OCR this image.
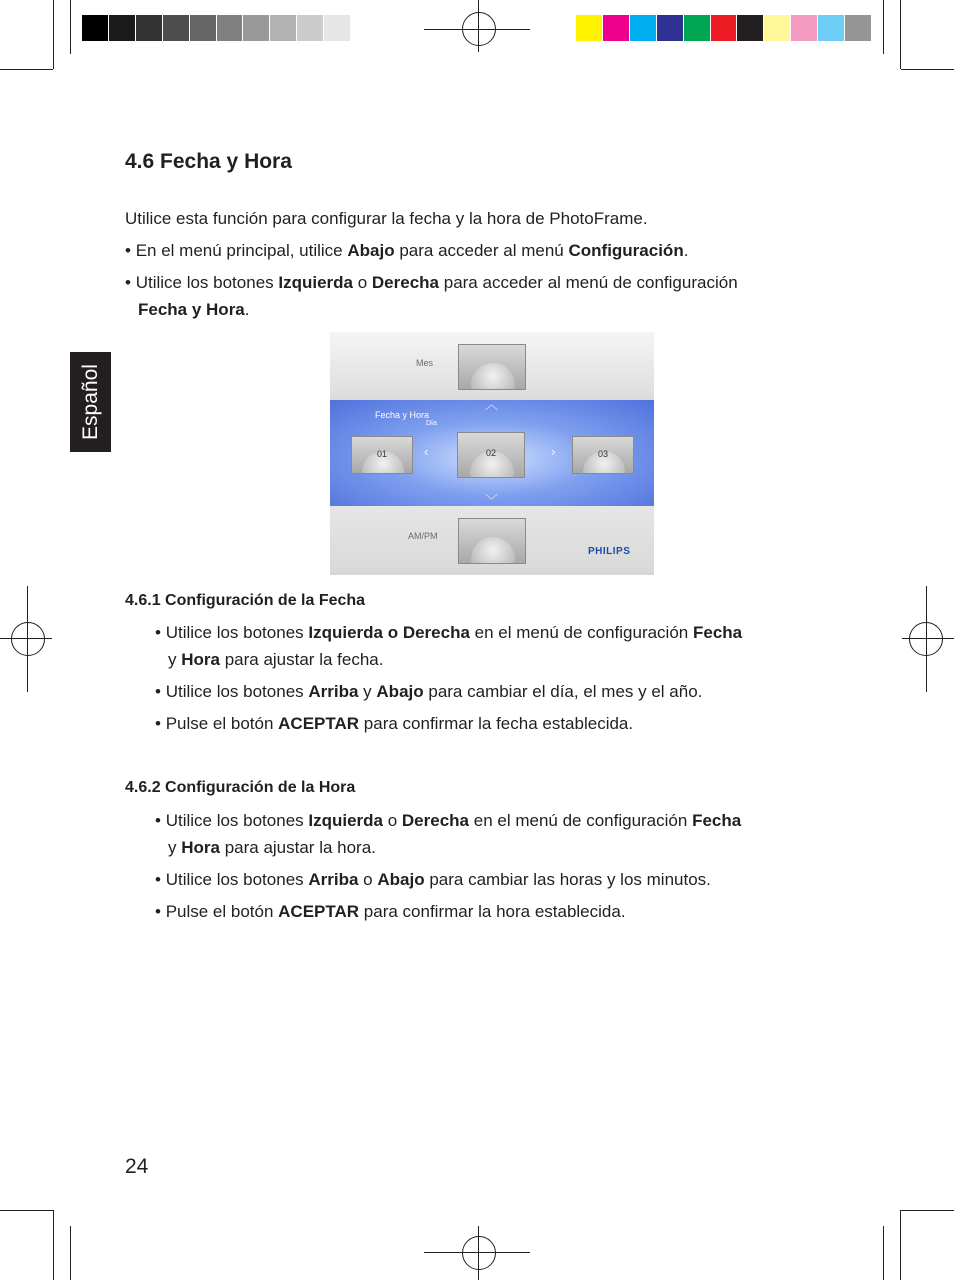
Español
4.6 Fecha y Hora

Utilice esta función para configurar la fecha y la hora de PhotoFrame.

• En el menú principal, utilice Abajo para acceder al menú Configuración.

• Utilice los botones Izquierda o Derecha para acceder al menú de configuración

Fecha y Hora.

Mes
︿
Fecha y Hora
Día
01	‹	02	›	03
﹀
AM/PM
PHILIPS

4.6.1 Configuración de la Fecha

• Utilice los botones Izquierda o Derecha en el menú de configuración Fecha

y Hora para ajustar la fecha.

• Utilice los botones Arriba y Abajo para cambiar el día, el mes y el año.

• Pulse el botón ACEPTAR para confirmar la fecha establecida.

4.6.2 Configuración de la Hora

• Utilice los botones Izquierda o Derecha en el menú de configuración Fecha

y Hora para ajustar la hora.

• Utilice los botones Arriba o Abajo para cambiar las horas y los minutos.

• Pulse el botón ACEPTAR para confirmar la hora establecida.

24
